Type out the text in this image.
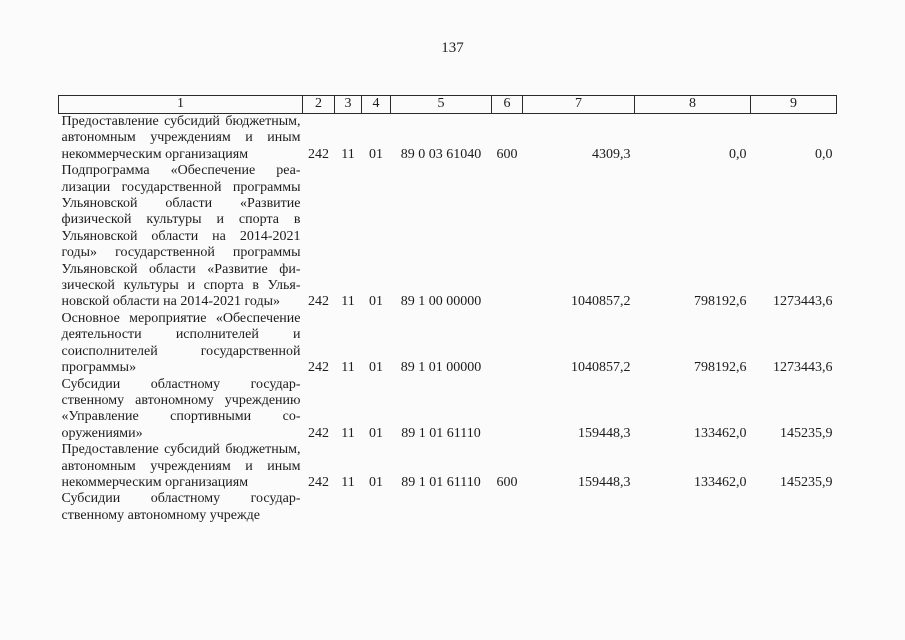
137
1	2	3	4	5	6	7	8	9
Предоставление субсидий бюджетным, автономным учреждениям и иным некоммерческим организациям	242	11	01	89 0 03 61040	600	4309,3	0,0	0,0
Подпрограмма «Обеспечение реализации государственной программы Ульяновской области «Развитие физической культуры и спорта в Ульяновской области на 2014-2021 годы» государственной программы Ульяновской области «Развитие физической культуры и спорта в Ульяновской области на 2014-2021 годы»	242	11	01	89 1 00 00000		1040857,2	798192,6	1273443,6
Основное мероприятие «Обеспечение деятельности исполнителей и соисполнителей государственной программы»	242	11	01	89 1 01 00000		1040857,2	798192,6	1273443,6
Субсидии областному государственному автономному учреждению «Управление спортивными сооружениями»	242	11	01	89 1 01 61110		159448,3	133462,0	145235,9
Предоставление субсидий бюджетным, автономным учреждениям и иным некоммерческим организациям	242	11	01	89 1 01 61110	600	159448,3	133462,0	145235,9
Субсидии областному государственному автономному учрежде								
